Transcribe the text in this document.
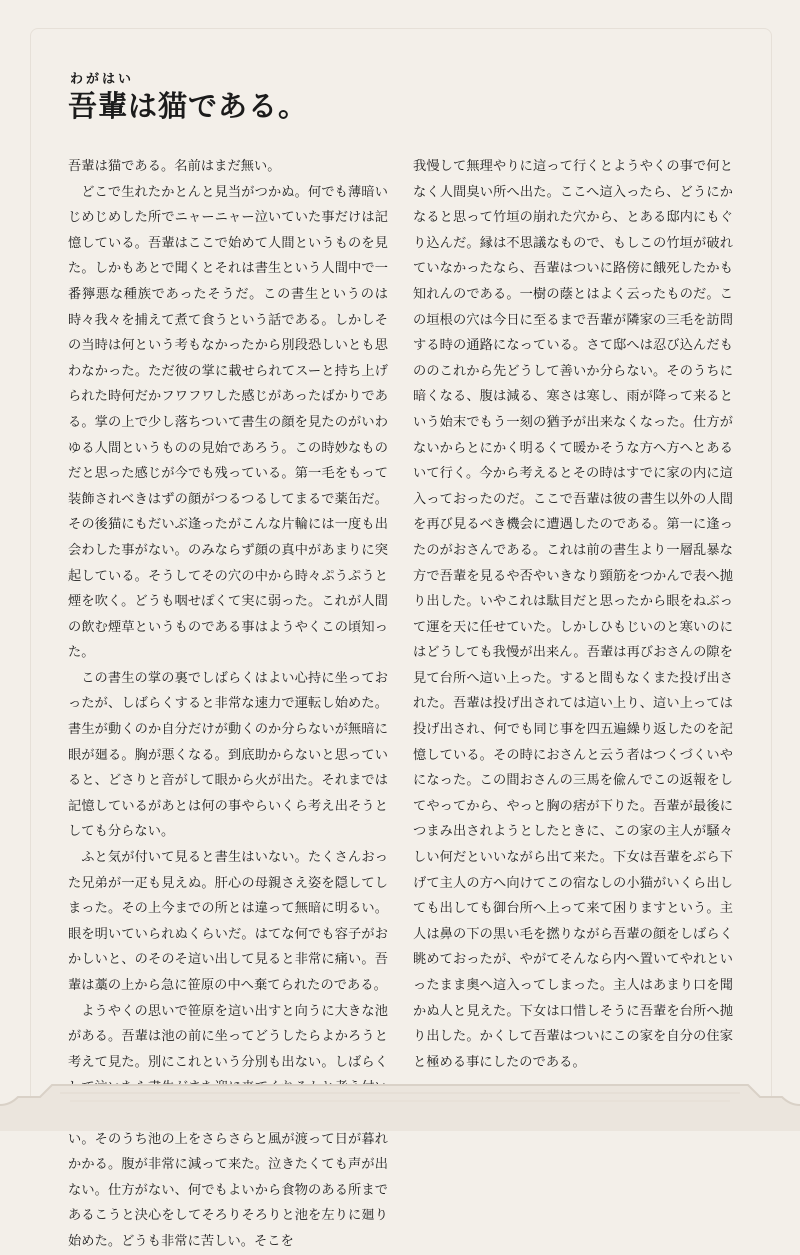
わがはい
吾輩は猫である。

吾輩は猫である。名前はまだ無い。

どこで生れたかとんと見当がつかぬ。何でも薄暗いじめじめした所でニャーニャー泣いていた事だけは記憶している。吾輩はここで始めて人間というものを見た。しかもあとで聞くとそれは書生という人間中で一番獰悪な種族であったそうだ。この書生というのは時々我々を捕えて煮て食うという話である。しかしその当時は何という考もなかったから別段恐しいとも思わなかった。ただ彼の掌に載せられてスーと持ち上げられた時何だかフワフワした感じがあったばかりである。掌の上で少し落ちついて書生の顔を見たのがいわゆる人間というものの見始であろう。この時妙なものだと思った感じが今でも残っている。第一毛をもって装飾されべきはずの顔がつるつるしてまるで薬缶だ。その後猫にもだいぶ逢ったがこんな片輪には一度も出会わした事がない。のみならず顔の真中があまりに突起している。そうしてその穴の中から時々ぷうぷうと煙を吹く。どうも咽せぽくて実に弱った。これが人間の飲む煙草というものである事はようやくこの頃知った。

この書生の掌の裏でしばらくはよい心持に坐っておったが、しばらくすると非常な速力で運転し始めた。書生が動くのか自分だけが動くのか分らないが無暗に眼が廻る。胸が悪くなる。到底助からないと思っていると、どさりと音がして眼から火が出た。それまでは記憶しているがあとは何の事やらいくら考え出そうとしても分らない。

ふと気が付いて見ると書生はいない。たくさんおった兄弟が一疋も見えぬ。肝心の母親さえ姿を隠してしまった。その上今までの所とは違って無暗に明るい。眼を明いていられぬくらいだ。はてな何でも容子がおかしいと、のそのそ這い出して見ると非常に痛い。吾輩は藁の上から急に笹原の中へ棄てられたのである。

ようやくの思いで笹原を這い出すと向うに大きな池がある。吾輩は池の前に坐ってどうしたらよかろうと考えて見た。別にこれという分別も出ない。しばらく い。そのうち池の上をさらさらと風が渡って日が暮れかかる。腹が非常に減って来た。泣きたくても声が出ない。仕方がない、何でもよいから食物のある所まであるこうと決心をしてそろりそろりと池を左りに廻り始めた。どうも非常に苦しい。そこを

我慢して無理やりに這って行くとようやくの事で何となく人間臭い所へ出た。ここへ這入ったら、どうにかなると思って竹垣の崩れた穴から、とある邸内にもぐり込んだ。縁は不思議なもので、もしこの竹垣が破れていなかったなら、吾輩はついに路傍に餓死したかも知れんのである。一樹の蔭とはよく云ったものだ。この垣根の穴は今日に至るまで吾輩が隣家の三毛を訪問する時の通路になっている。さて邸へは忍び込んだもののこれから先どうして善いか分らない。そのうちに暗くなる、腹は減る、寒さは寒し、雨が降って来るという始末でもう一刻の猶予が出来なくなった。仕方がないからとにかく明るくて暖かそうな方へ方へとあるいて行く。今から考えるとその時はすでに家の内に這入っておったのだ。ここで吾輩は彼の書生以外の人間を再び見るべき機会に遭遇したのである。第一に逢ったのがおさんである。これは前の書生より一層乱暴な方で吾輩を見るや否やいきなり頸筋をつかんで表へ抛り出した。いやこれは駄目だと思ったから眼をねぶって運を天に任せていた。しかしひもじいのと寒いのにはどうしても我慢が出来ん。吾輩は再びおさんの隙を見て台所へ這い上った。すると間もなくまた投げ出された。吾輩は投げ出されては這い上り、這い上っては投げ出され、何でも同じ事を四五遍繰り返したのを記憶している。その時におさんと云う者はつくづくいやになった。この間おさんの三馬を偸んでこの返報をしてやってから、やっと胸の痞が下りた。吾輩が最後につまみ出されようとしたときに、この家の主人が騒々しい何だといいながら出て来た。下女は吾輩をぶら下げて主人の方へ向けてこの宿なしの小猫がいくら出しても出しても御台所へ上って来て困りますという。主人は鼻の下の黒い毛を撚りながら吾輩の顔をしばらく眺めておったが、やがてそんなら内へ置いてやれといったまま奥へ這入ってしまった。主人はあまり口を聞かぬ人と見えた。下女は口惜しそうに吾輩を台所へ抛り出した。かくして吾輩はついにこの家を自分の住家と極める事にしたのである。
